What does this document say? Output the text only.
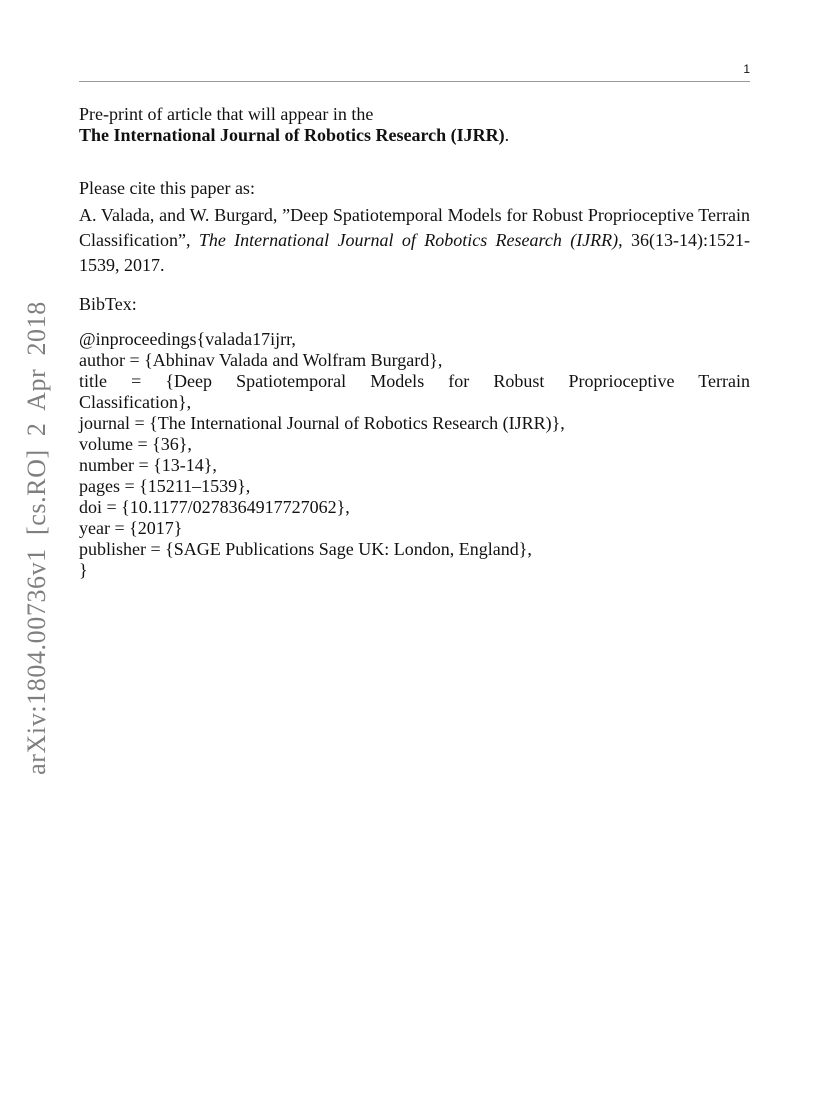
1
arXiv:1804.00736v1 [cs.RO] 2 Apr 2018
Pre-print of article that will appear in the
The International Journal of Robotics Research (IJRR).

Please cite this paper as:

A. Valada, and W. Burgard, ”Deep Spatiotemporal Models for Robust Proprioceptive Terrain Classification”, The International Journal of Robotics Research (IJRR), 36(13-14):1521-1539, 2017.

BibTex:

@inproceedings{valada17ijrr,
author = {Abhinav Valada and Wolfram Burgard},
title = {Deep Spatiotemporal Models for Robust Proprioceptive Terrain
Classification},
journal = {The International Journal of Robotics Research (IJRR)},
volume = {36},
number = {13-14},
pages = {15211–1539},
doi = {10.1177/0278364917727062},
year = {2017}
publisher = {SAGE Publications Sage UK: London, England},
}
